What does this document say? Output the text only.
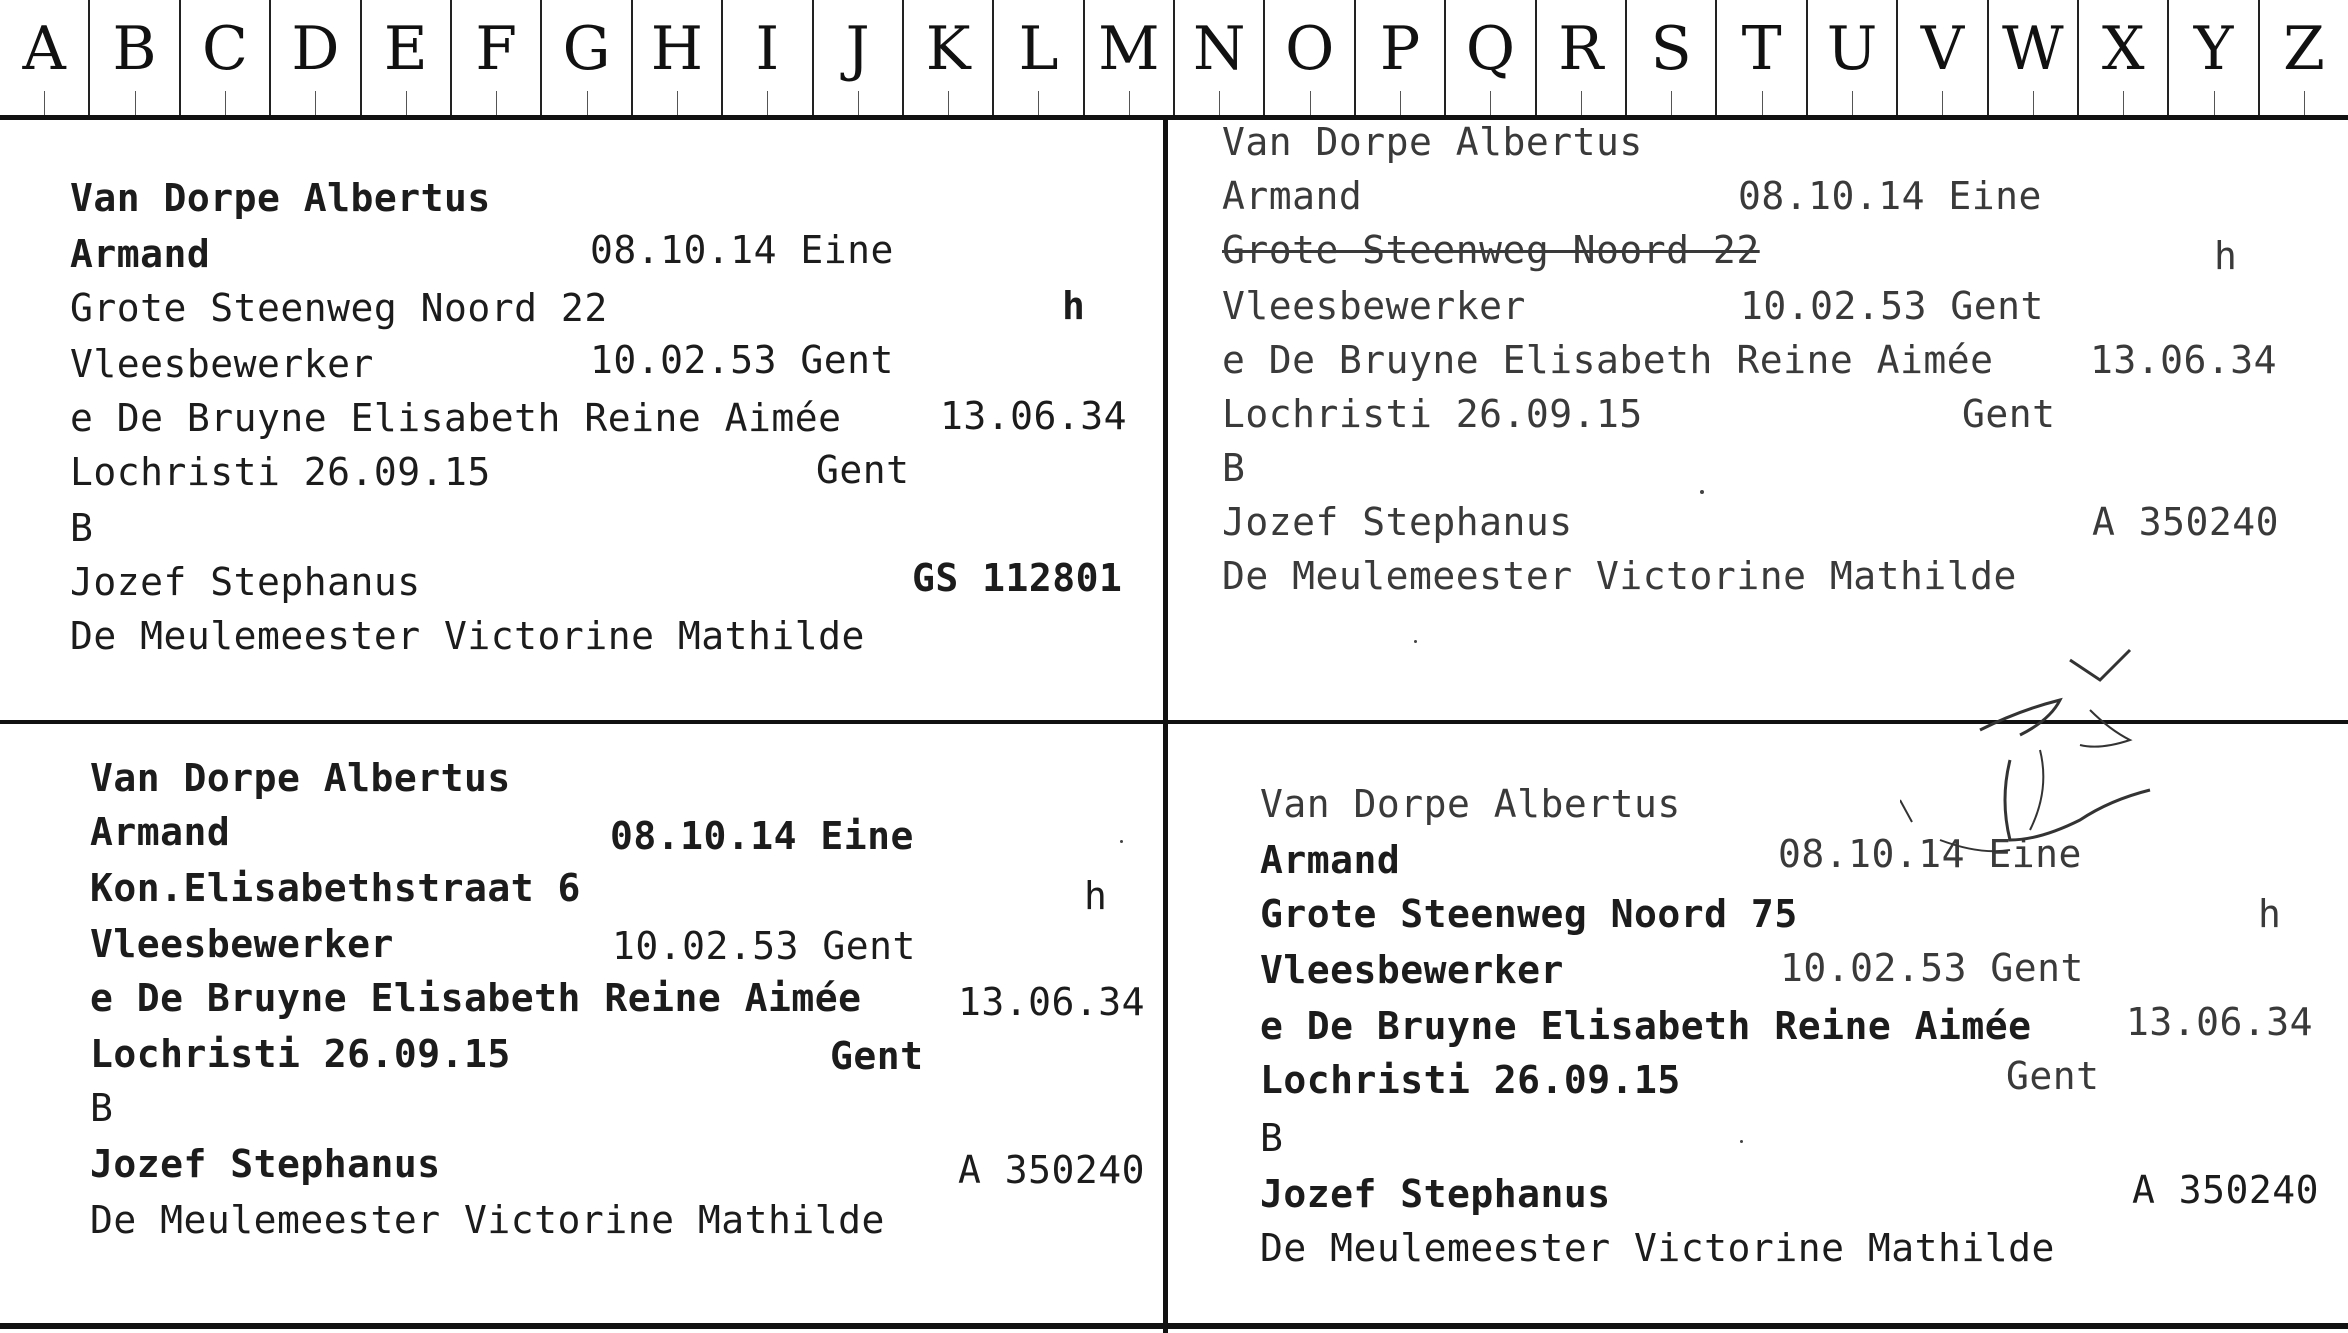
A B C D E F G H I J K L M N O P Q R S T U V W X Y Z
Van Dorpe Albertus
Armand	08.10.14 Eine
Grote Steenweg Noord 22	h
Vleesbewerker	10.02.53 Gent
e De Bruyne Elisabeth Reine Aimée	13.06.34
Lochristi 26.09.15	Gent
B
Jozef Stephanus	GS 112801
De Meulemeester Victorine Mathilde
Van Dorpe Albertus
Armand	08.10.14 Eine
Grote Steenweg Noord 22	h
Vleesbewerker	10.02.53 Gent
e De Bruyne Elisabeth Reine Aimée	13.06.34
Lochristi 26.09.15	Gent
B
Jozef Stephanus	A 350240
De Meulemeester Victorine Mathilde
Van Dorpe Albertus
Armand	08.10.14 Eine
Kon.Elisabethstraat 6	h
Vleesbewerker	10.02.53 Gent
e De Bruyne Elisabeth Reine Aimée	13.06.34
Lochristi 26.09.15	Gent
B
Jozef Stephanus	A 350240
De Meulemeester Victorine Mathilde
Van Dorpe Albertus
Armand	08.10.14 Eine
Grote Steenweg Noord 75	h
Vleesbewerker	10.02.53 Gent
e De Bruyne Elisabeth Reine Aimée 13.06.34
Lochristi 26.09.15	Gent
B
Jozef Stephanus	A 350240
De Meulemeester Victorine Mathilde
